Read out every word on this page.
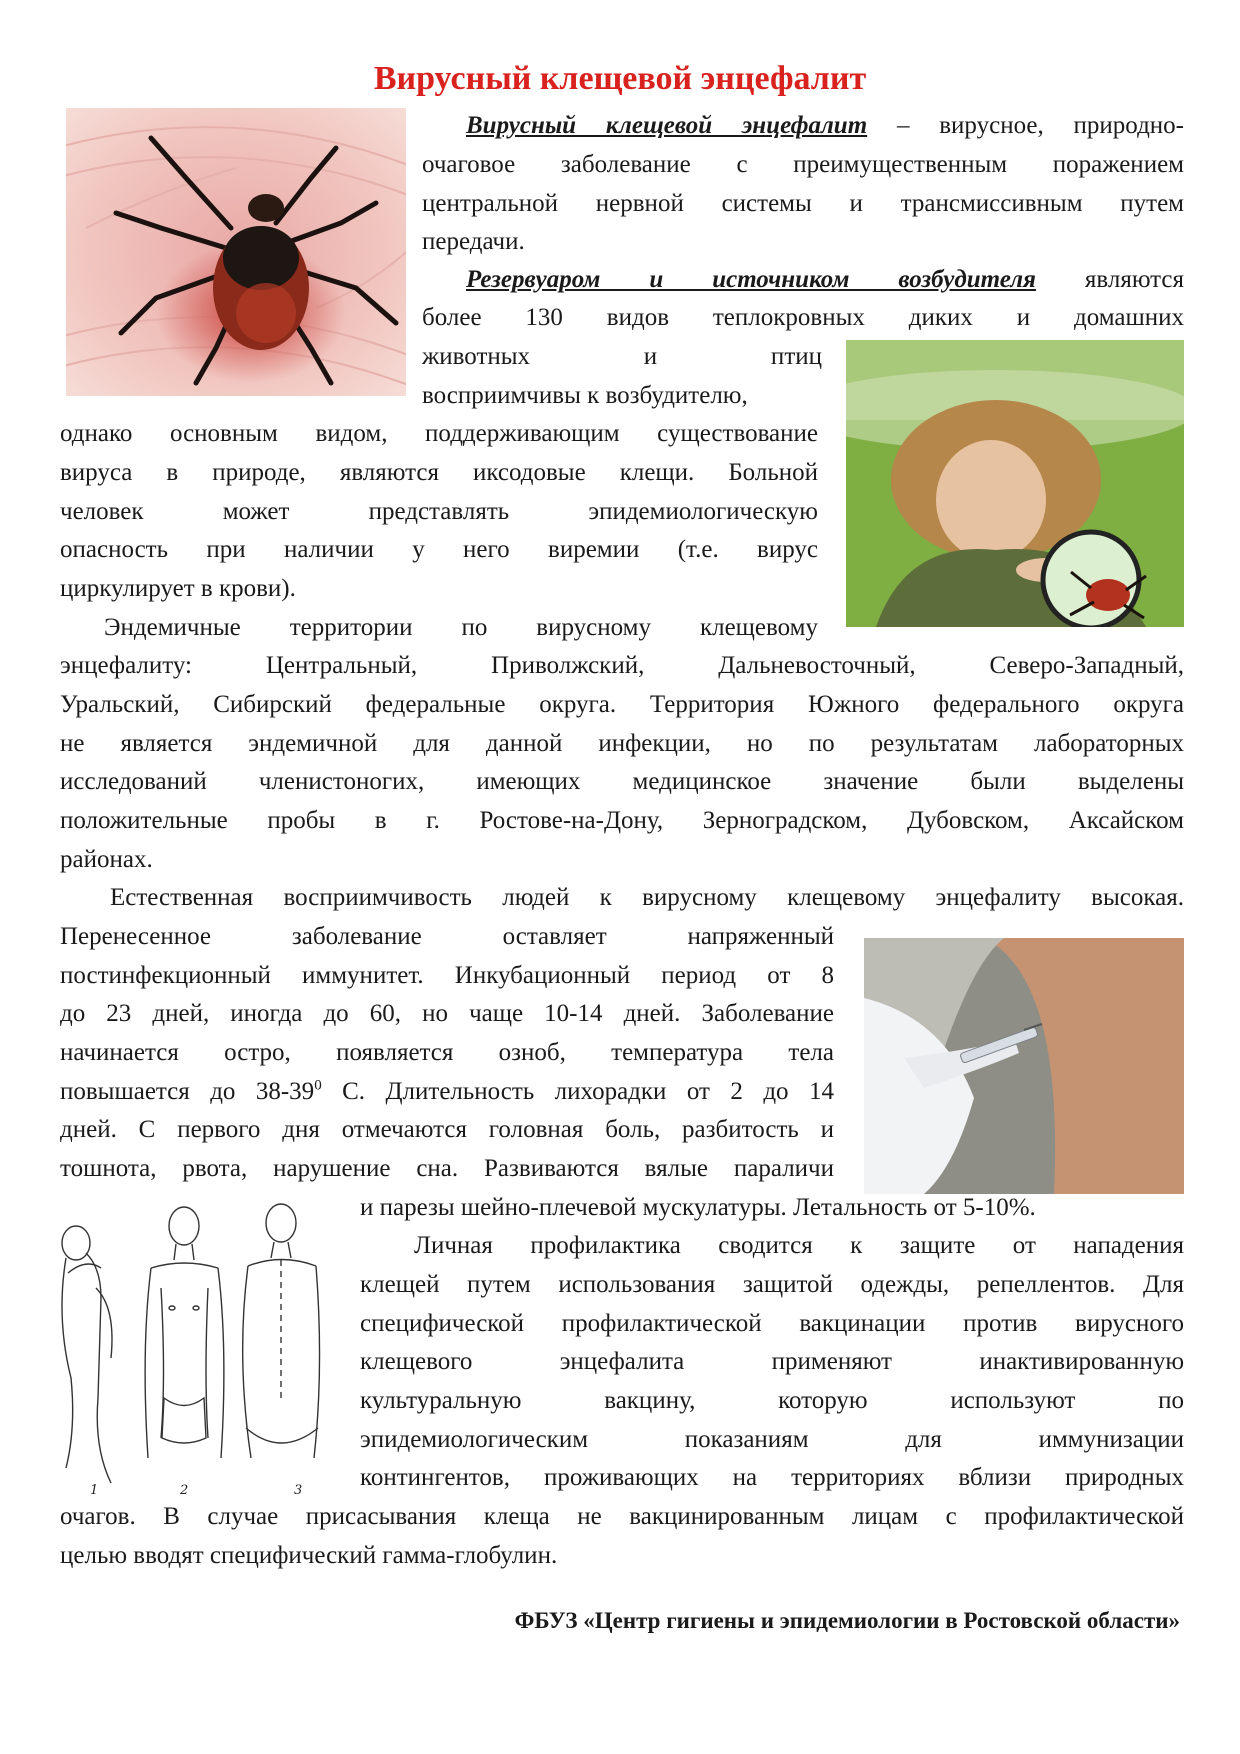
Вирусный клещевой энцефалит
1	2	3
Вирусный клещевой энцефалит – вирусное, природно-
очаговое заболевание с преимущественным поражением
центральной нервной системы и трансмиссивным путем
передачи.
Резервуаром и источником возбудителя являются
более 130 видов теплокровных диких и домашних
животных и птиц
восприимчивы к возбудителю,
однако основным видом, поддерживающим существование
вируса в природе, являются иксодовые клещи. Больной
человек может представлять эпидемиологическую
опасность при наличии у него виремии (т.е. вирус
циркулирует в крови).
Эндемичные территории по вирусному клещевому
энцефалиту: Центральный, Приволжский, Дальневосточный, Северо-Западный,
Уральский, Сибирский федеральные округа. Территория Южного федерального округа
не является эндемичной для данной инфекции, но по результатам лабораторных
исследований членистоногих, имеющих медицинское значение были выделены
положительные пробы в г. Ростове-на-Дону, Зерноградском, Дубовском, Аксайском
районах.
Естественная восприимчивость людей к вирусному клещевому энцефалиту высокая.
Перенесенное заболевание оставляет напряженный
постинфекционный иммунитет. Инкубационный период от 8
до 23 дней, иногда до 60, но чаще 10-14 дней. Заболевание
начинается остро, появляется озноб, температура тела
повышается до $38-39^0$ С. Длительность лихорадки от 2 до 14
дней. С первого дня отмечаются головная боль, разбитость и
тошнота, рвота, нарушение сна. Развиваются вялые параличи
и парезы шейно-плечевой мускулатуры. Летальность от 5-10%.
Личная профилактика сводится к защите от нападения
клещей путем использования защитой одежды, репеллентов. Для
специфической профилактической вакцинации против вирусного
клещевого энцефалита применяют инактивированную
культуральную вакцину, которую используют по
эпидемиологическим показаниям для иммунизации
контингентов, проживающих на территориях вблизи природных
очагов. В случае присасывания клеща не вакцинированным лицам с профилактической
целью вводят специфический гамма-глобулин.
ФБУЗ «Центр гигиены и эпидемиологии в Ростовской области»
